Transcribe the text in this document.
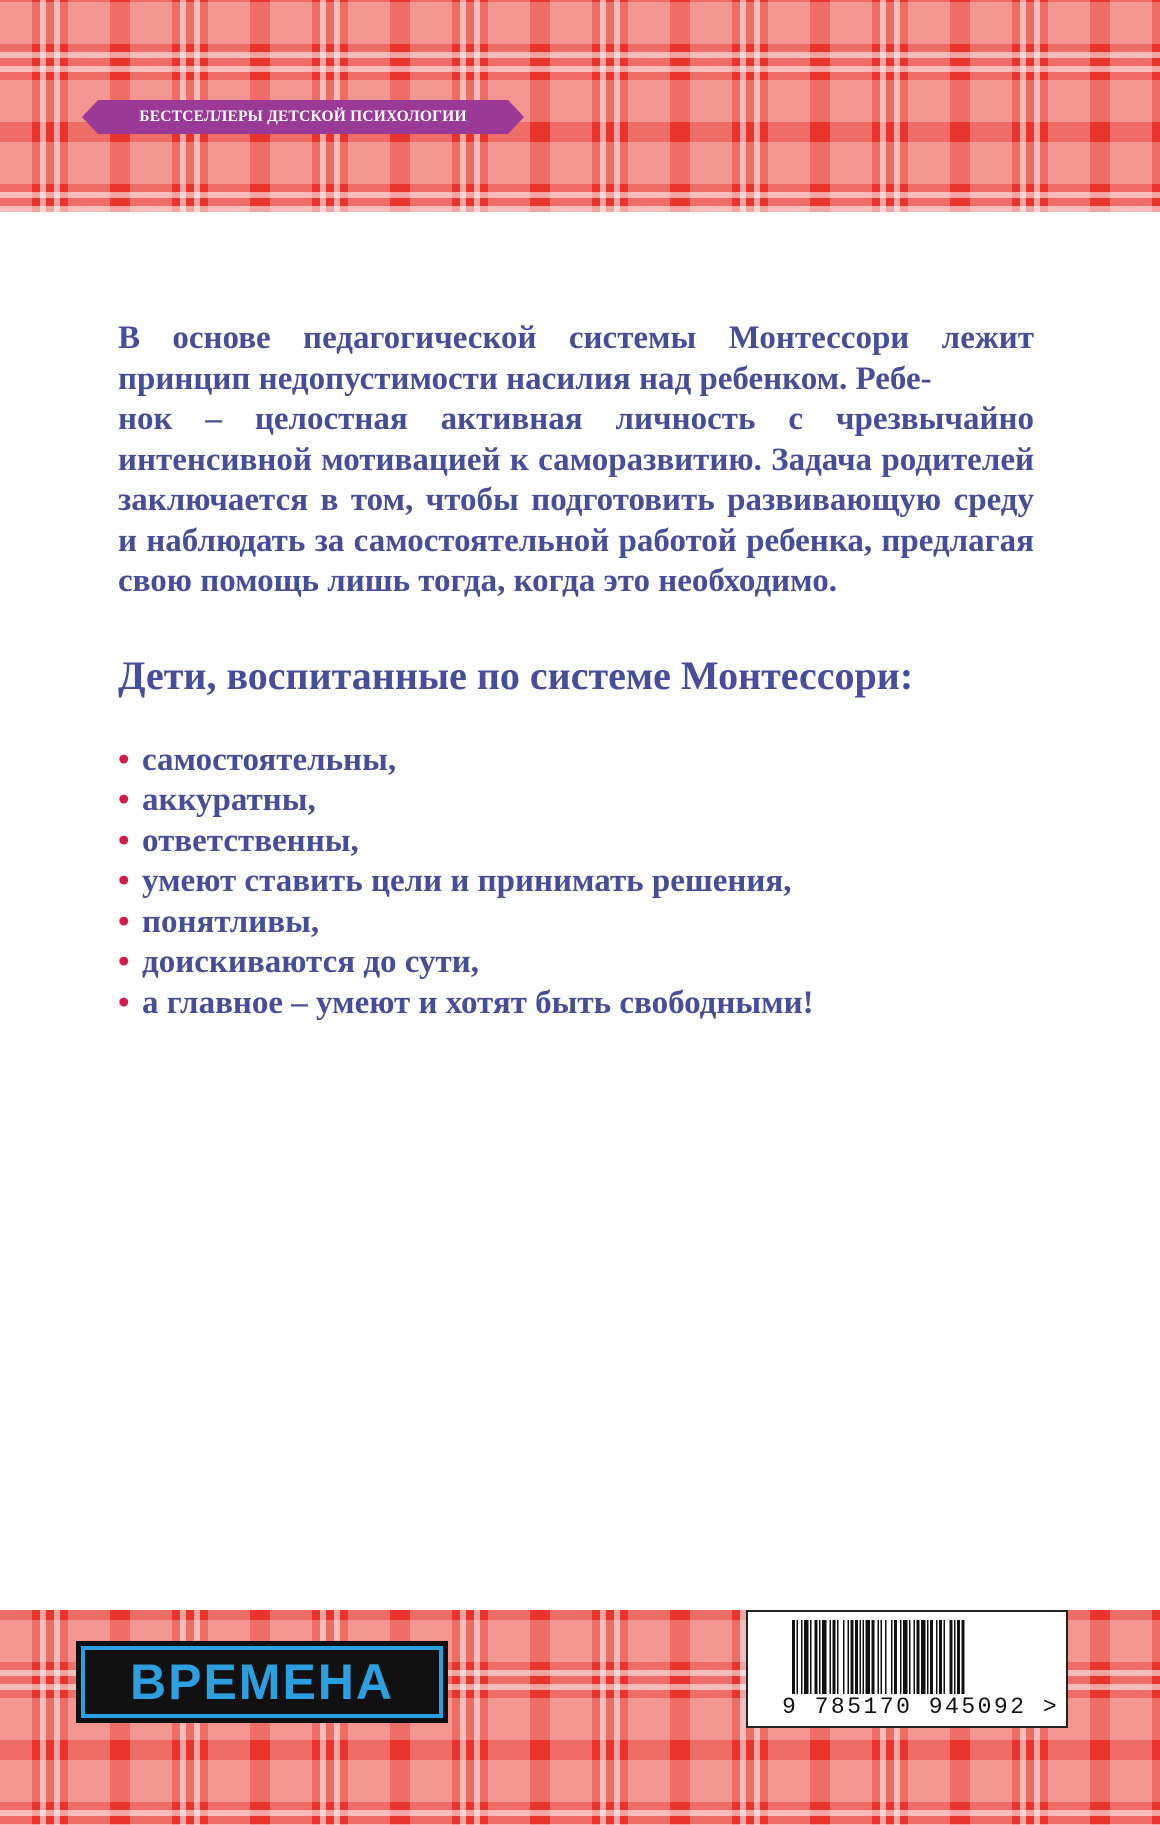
БЕСТСЕЛЛЕРЫ ДЕТСКОЙ ПСИХОЛОГИИ

В основе педагогической системы Монтессори лежит принцип недопустимости насилия над ребенком. Ребе-
нок – целостная активная личность с чрезвычайно интенсивной мотивацией к саморазвитию. Задача родителей заключается в том, чтобы подготовить развивающую среду и наблюдать за самостоятельной работой ребенка, предлагая свою помощь лишь тогда, когда это необходимо.

Дети, воспитанные по системе Монтессори:
• самостоятельны,
• аккуратны,
• ответственны,
• умеют ставить цели и принимать решения,
• понятливы,
• доискиваются до сути,
• а главное – умеют и хотят быть свободными!
ВРЕМЕНА	9 785170 945092 >
